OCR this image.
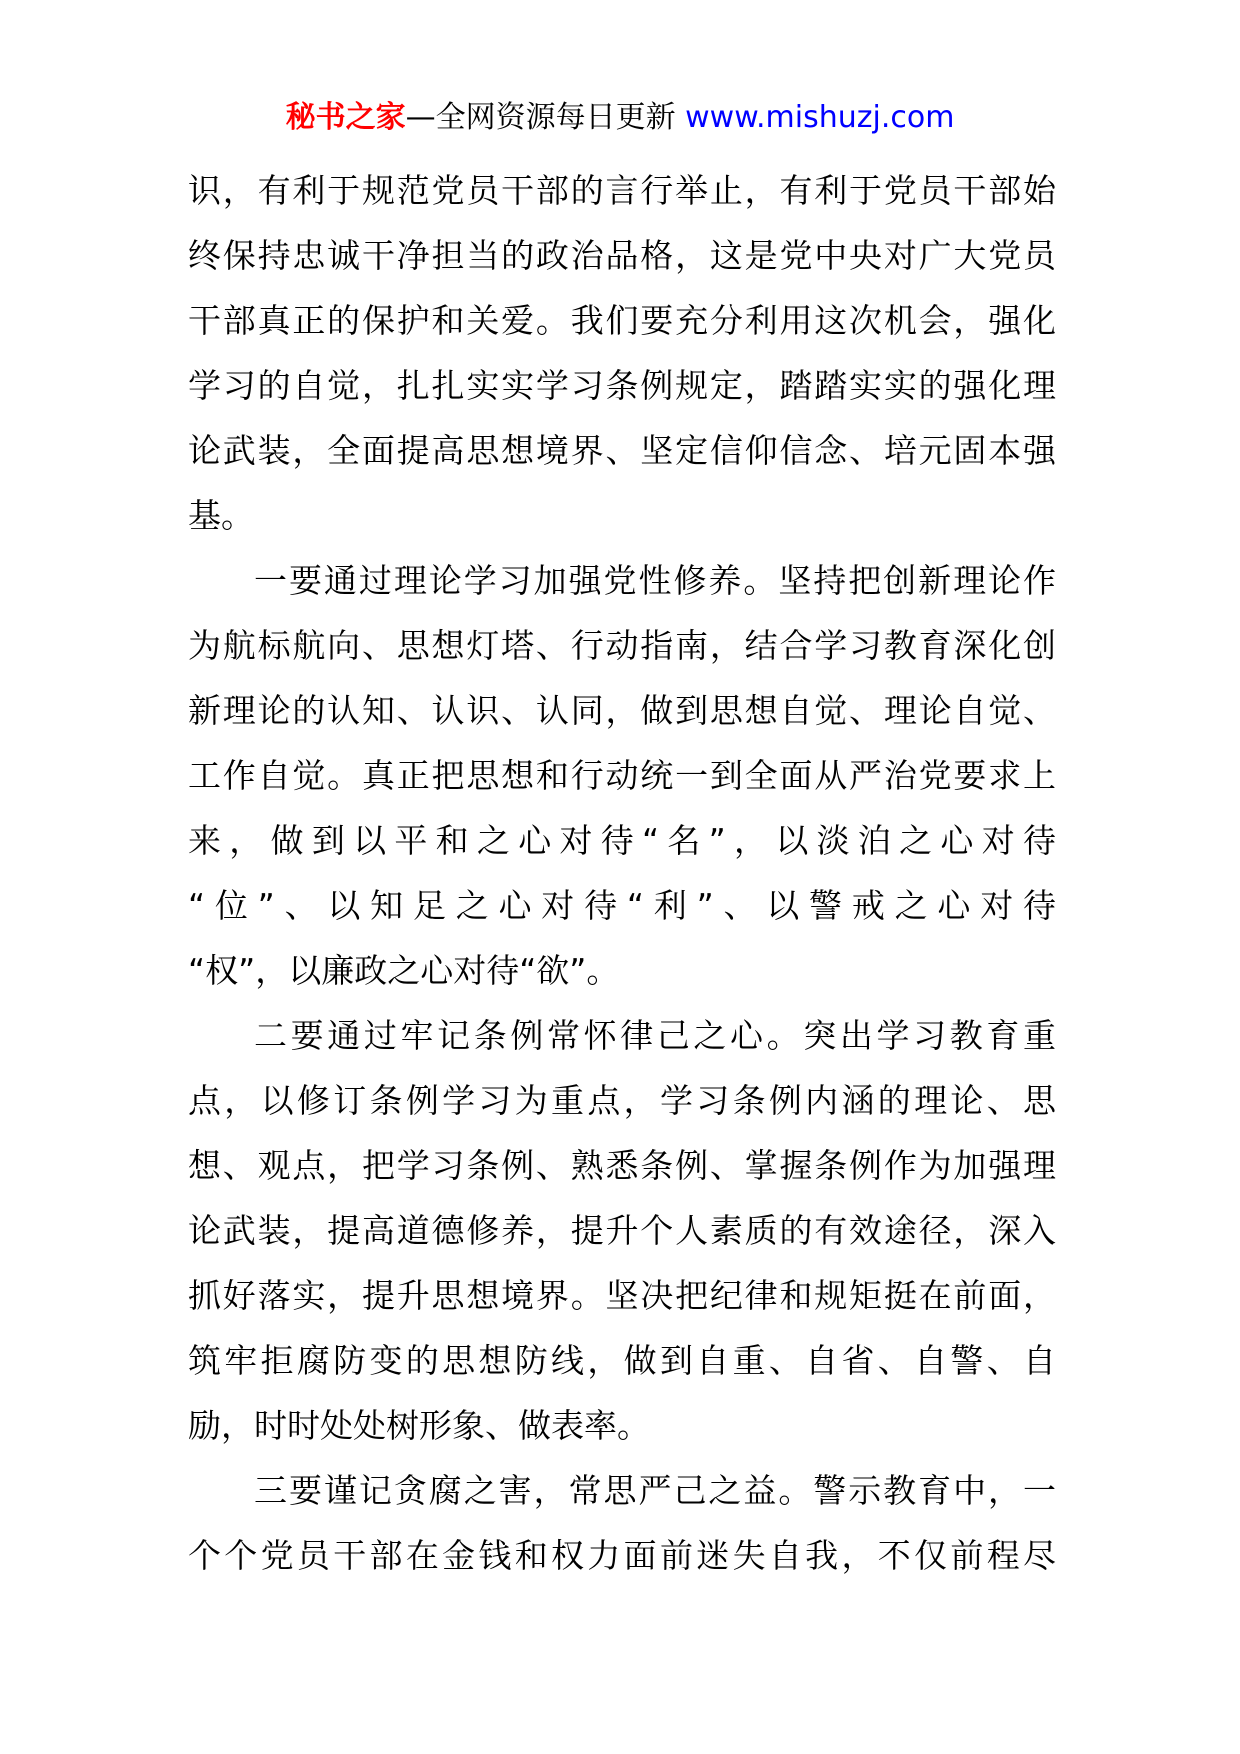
秘书之家—全网资源每日更新 www.mishuzj.com
识，有利于规范党员干部的言行举止，有利于党员干部始
终保持忠诚干净担当的政治品格，这是党中央对广大党员
干部真正的保护和关爱。我们要充分利用这次机会，强化
学习的自觉，扎扎实实学习条例规定，踏踏实实的强化理
论武装，全面提高思想境界、坚定信仰信念、培元固本强
基。
一要通过理论学习加强党性修养。坚持把创新理论作
为航标航向、思想灯塔、行动指南，结合学习教育深化创
新理论的认知、认识、认同，做到思想自觉、理论自觉、
工作自觉。真正把思想和行动统一到全面从严治党要求上
来，做到以平和之心对待“名”，以淡泊之心对待
“位”、以知足之心对待“利”、以警戒之心对待
“权”，以廉政之心对待“欲”。
二要通过牢记条例常怀律己之心。突出学习教育重
点，以修订条例学习为重点，学习条例内涵的理论、思
想、观点，把学习条例、熟悉条例、掌握条例作为加强理
论武装，提高道德修养，提升个人素质的有效途径，深入
抓好落实，提升思想境界。坚决把纪律和规矩挺在前面，
筑牢拒腐防变的思想防线，做到自重、自省、自警、自
励，时时处处树形象、做表率。
三要谨记贪腐之害，常思严己之益。警示教育中，一
个个党员干部在金钱和权力面前迷失自我，不仅前程尽
